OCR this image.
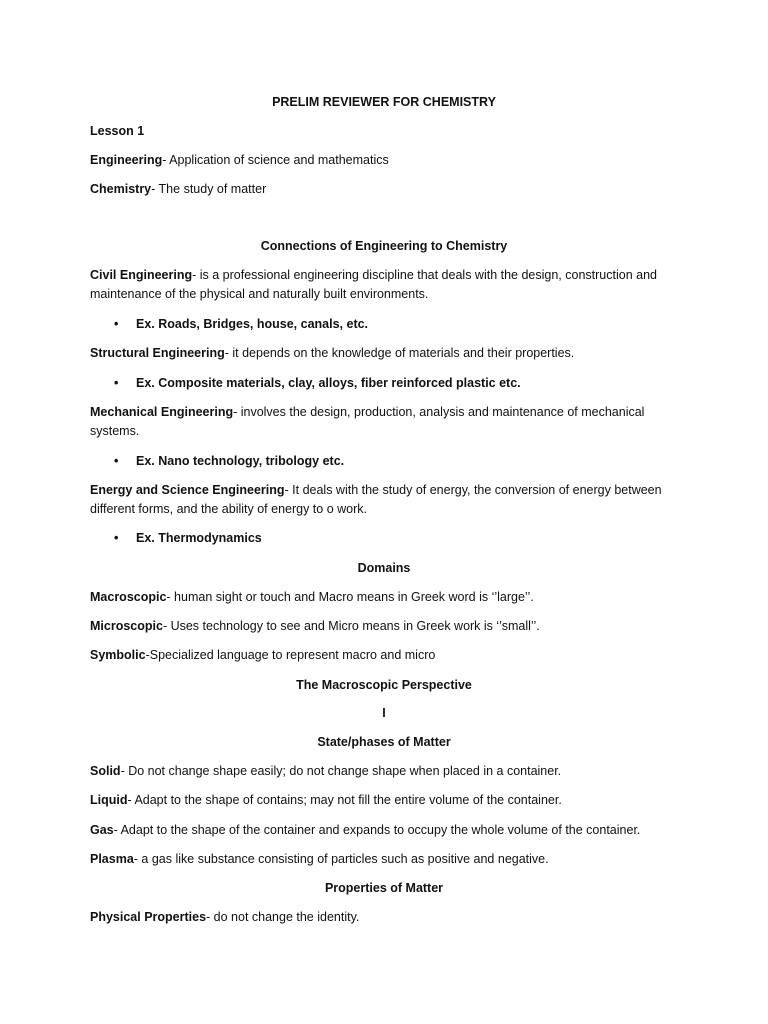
PRELIM REVIEWER FOR CHEMISTRY
Lesson 1
Engineering- Application of science and mathematics
Chemistry- The study of matter
Connections of Engineering to Chemistry
Civil Engineering- is a professional engineering discipline that deals with the design, construction and maintenance of the physical and naturally built environments.
• Ex. Roads, Bridges, house, canals, etc.
Structural Engineering- it depends on the knowledge of materials and their properties.
• Ex. Composite materials, clay, alloys, fiber reinforced plastic etc.
Mechanical Engineering- involves the design, production, analysis and maintenance of mechanical systems.
• Ex. Nano technology, tribology etc.
Energy and Science Engineering- It deals with the study of energy, the conversion of energy between different forms, and the ability of energy to o work.
• Ex. Thermodynamics
Domains
Macroscopic- human sight or touch and Macro means in Greek word is ‘’large’’.
Microscopic- Uses technology to see and Micro means in Greek work is ‘’small’’.
Symbolic-Specialized language to represent macro and micro
The Macroscopic Perspective
I
State/phases of Matter
Solid- Do not change shape easily; do not change shape when placed in a container.
Liquid- Adapt to the shape of contains; may not fill the entire volume of the container.
Gas- Adapt to the shape of the container and expands to occupy the whole volume of the container.
Plasma- a gas like substance consisting of particles such as positive and negative.
Properties of Matter
Physical Properties- do not change the identity.
